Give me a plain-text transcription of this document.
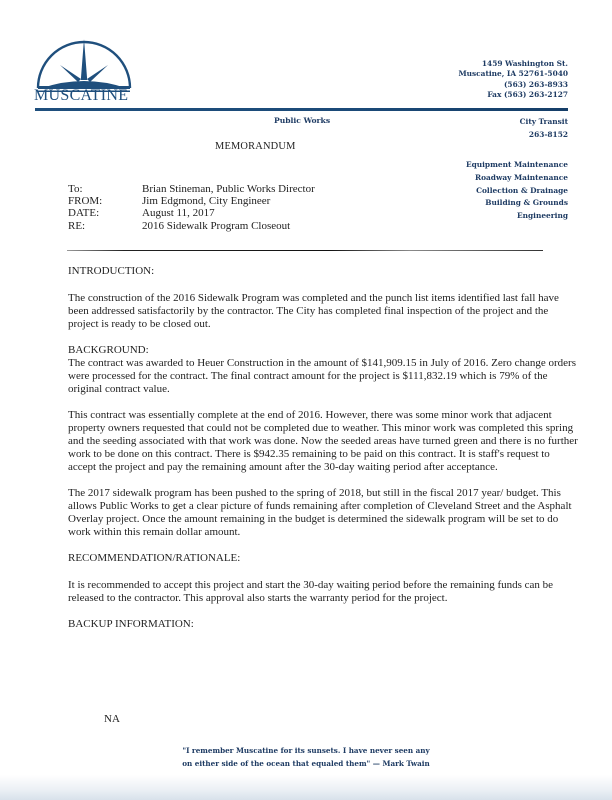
MUSCATINE
1459 Washington St.
Muscatine, IA 52761-5040
(563) 263-8933
Fax (563) 263-2127
Public Works	City Transit
263-8152
Equipment Maintenance
Roadway Maintenance
Collection & Drainage
Building & Grounds
Engineering
MEMORANDUM
To:	Brian Stineman, Public Works Director
FROM:	Jim Edgmond, City Engineer
DATE:	August 11, 2017
RE:	2016 Sidewalk Program Closeout

INTRODUCTION:

The construction of the 2016 Sidewalk Program was completed and the punch list items identified last fall have been addressed satisfactorily by the contractor. The City has completed final inspection of the project and the project is ready to be closed out.

BACKGROUND:

The contract was awarded to Heuer Construction in the amount of $141,909.15 in July of 2016. Zero change orders were processed for the contract. The final contract amount for the project is $111,832.19 which is 79% of the original contract value.

This contract was essentially complete at the end of 2016. However, there was some minor work that adjacent property owners requested that could not be completed due to weather. This minor work was completed this spring and the seeding associated with that work was done. Now the seeded areas have turned green and there is no further work to be done on this contract. There is $942.35 remaining to be paid on this contract. It is staff's request to accept the project and pay the remaining amount after the 30-day waiting period after acceptance.

The 2017 sidewalk program has been pushed to the spring of 2018, but still in the fiscal 2017 year/ budget. This allows Public Works to get a clear picture of funds remaining after completion of Cleveland Street and the Asphalt Overlay project. Once the amount remaining in the budget is determined the sidewalk program will be set to do work within this remain dollar amount.

RECOMMENDATION/RATIONALE:

It is recommended to accept this project and start the 30-day waiting period before the remaining funds can be released to the contractor. This approval also starts the warranty period for the project.

BACKUP INFORMATION:

NA
"I remember Muscatine for its sunsets. I have never seen any
on either side of the ocean that equaled them" — Mark Twain
